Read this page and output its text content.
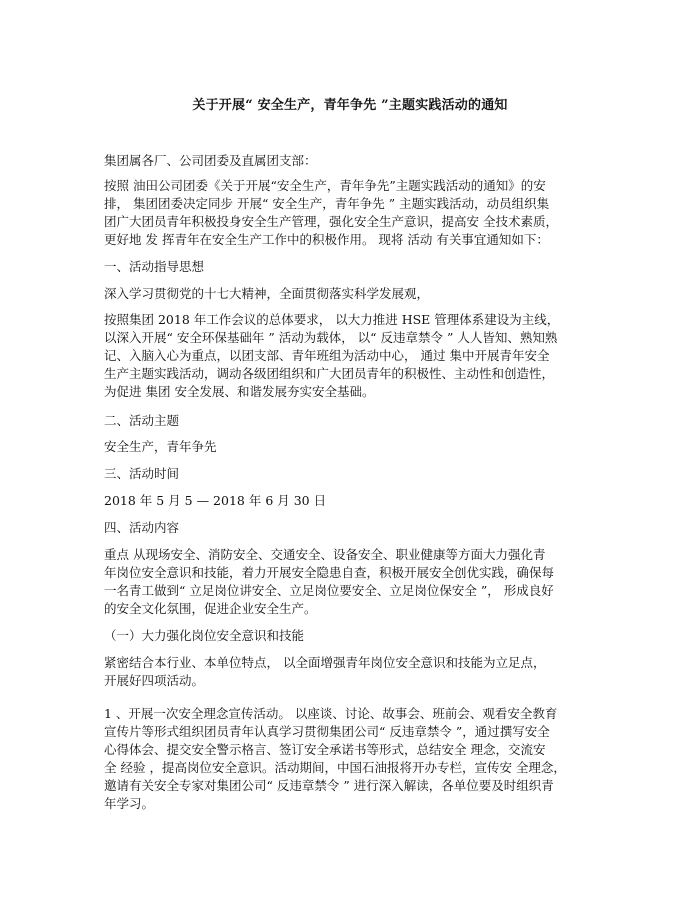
关于开展“ 安全生产，青年争先 ”主题实践活动的通知
集团属各厂、公司团委及直属团支部：
按照 油田公司团委《关于开展“安全生产，青年争先”主题实践活动的通知》的安
排， 集团团委决定同步 开展“ 安全生产，青年争先 ” 主题实践活动，动员组织集
团广大团员青年积极投身安全生产管理，强化安全生产意识，提高安 全技术素质，
更好地 发 挥青年在安全生产工作中的积极作用。 现将 活动 有关事宜通知如下：
一、活动指导思想
深入学习贯彻党的十七大精神，全面贯彻落实科学发展观，
按照集团 2018 年工作会议的总体要求， 以大力推进 HSE 管理体系建设为主线，
以深入开展“ 安全环保基础年 ” 活动为载体， 以“ 反违章禁令 ” 人人皆知、熟知熟
记、入脑入心为重点，以团支部、青年班组为活动中心， 通过 集中开展青年安全
生产主题实践活动，调动各级团组织和广大团员青年的积极性、主动性和创造性，
为促进 集团 安全发展、和谐发展夯实安全基础。
二、活动主题
安全生产，青年争先
三、活动时间
2018 年 5 月 5 — 2018 年 6 月 30 日
四、活动内容
重点 从现场安全、消防安全、交通安全、设备安全、职业健康等方面大力强化青
年岗位安全意识和技能，着力开展安全隐患自查，积极开展安全创优实践，确保每
一名青工做到“ 立足岗位讲安全、立足岗位要安全、立足岗位保安全 ”， 形成良好
的安全文化氛围，促进企业安全生产。
（一）大力强化岗位安全意识和技能
紧密结合本行业、本单位特点， 以全面增强青年岗位安全意识和技能为立足点，
开展好四项活动。
1 、开展一次安全理念宣传活动。 以座谈、讨论、故事会、班前会、观看安全教育
宣传片等形式组织团员青年认真学习贯彻集团公司“ 反违章禁令 ”，通过撰写安全
心得体会、提交安全警示格言、签订安全承诺书等形式，总结安全 理念，交流安
全 经验 ，提高岗位安全意识。活动期间，中国石油报将开办专栏，宣传安 全理念，
邀请有关安全专家对集团公司“ 反违章禁令 ” 进行深入解读，各单位要及时组织青
年学习。
